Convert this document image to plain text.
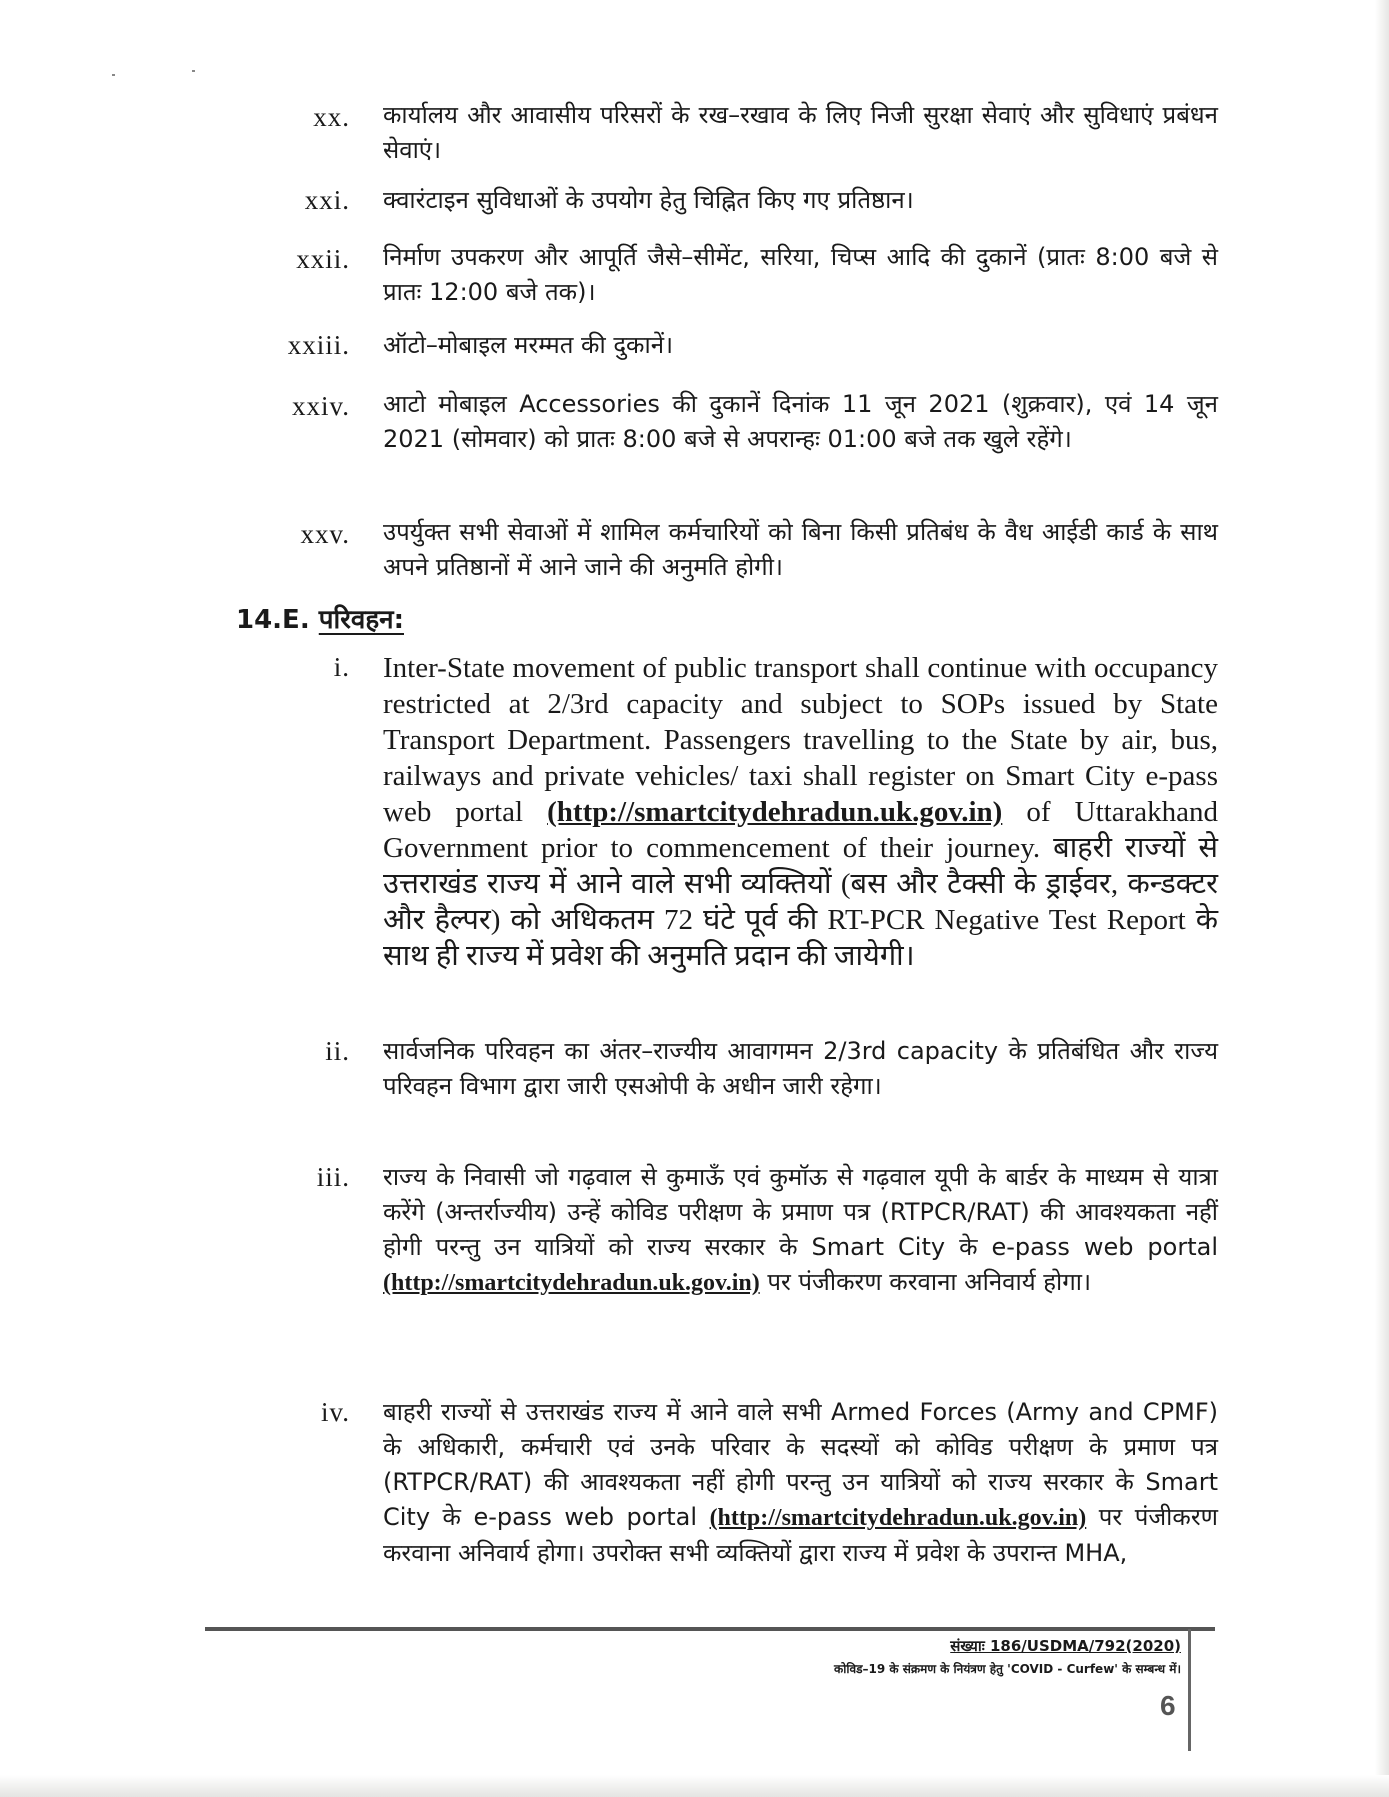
xx. कार्यालय और आवासीय परिसरों के रख–रखाव के लिए निजी सुरक्षा सेवाएं और सुविधाएं प्रबंधन सेवाएं।
xxi. क्वारंटाइन सुविधाओं के उपयोग हेतु चिह्नित किए गए प्रतिष्ठान।
xxii. निर्माण उपकरण और आपूर्ति जैसे–सीमेंट, सरिया, चिप्स आदि की दुकानें (प्रातः 8:00 बजे से प्रातः 12:00 बजे तक)।
xxiii. ऑटो–मोबाइल मरम्मत की दुकानें।
xxiv. आटो मोबाइल Accessories की दुकानें दिनांक 11 जून 2021 (शुक्रवार), एवं 14 जून 2021 (सोमवार) को प्रातः 8:00 बजे से अपरान्हः 01:00 बजे तक खुले रहेंगे।
xxv. उपर्युक्त सभी सेवाओं में शामिल कर्मचारियों को बिना किसी प्रतिबंध के वैध आईडी कार्ड के साथ अपने प्रतिष्ठानों में आने जाने की अनुमति होगी।
14.E. परिवहन:
i. Inter-State movement of public transport shall continue with occupancy restricted at 2/3rd capacity and subject to SOPs issued by State Transport Department. Passengers travelling to the State by air, bus, railways and private vehicles/ taxi shall register on Smart City e-pass web portal (http://smartcitydehradun.uk.gov.in) of Uttarakhand Government prior to commencement of their journey. बाहरी राज्यों से उत्तराखंड राज्य में आने वाले सभी व्यक्तियों (बस और टैक्सी के ड्राईवर, कन्डक्टर और हैल्पर) को अधिकतम 72 घंटे पूर्व की RT-PCR Negative Test Report के साथ ही राज्य में प्रवेश की अनुमति प्रदान की जायेगी।
ii. सार्वजनिक परिवहन का अंतर–राज्यीय आवागमन 2/3rd capacity के प्रतिबंधित और राज्य परिवहन विभाग द्वारा जारी एसओपी के अधीन जारी रहेगा।
iii. राज्य के निवासी जो गढ़वाल से कुमाऊँ एवं कुमॉऊ से गढ़वाल यूपी के बार्डर के माध्यम से यात्रा करेंगे (अन्तर्राज्यीय) उन्हें कोविड परीक्षण के प्रमाण पत्र (RTPCR/RAT) की आवश्यकता नहीं होगी परन्तु उन यात्रियों को राज्य सरकार के Smart City के e-pass web portal (http://smartcitydehradun.uk.gov.in) पर पंजीकरण करवाना अनिवार्य होगा।
iv. बाहरी राज्यों से उत्तराखंड राज्य में आने वाले सभी Armed Forces (Army and CPMF) के अधिकारी, कर्मचारी एवं उनके परिवार के सदस्यों को कोविड परीक्षण के प्रमाण पत्र (RTPCR/RAT) की आवश्यकता नहीं होगी परन्तु उन यात्रियों को राज्य सरकार के Smart City के e-pass web portal (http://smartcitydehradun.uk.gov.in) पर पंजीकरण करवाना अनिवार्य होगा। उपरोक्त सभी व्यक्तियों द्वारा राज्य में प्रवेश के उपरान्त MHA,
संख्याः 186/USDMA/792(2020)
कोविड–19 के संक्रमण के नियंत्रण हेतु 'COVID - Curfew' के सम्बन्ध में।
6
